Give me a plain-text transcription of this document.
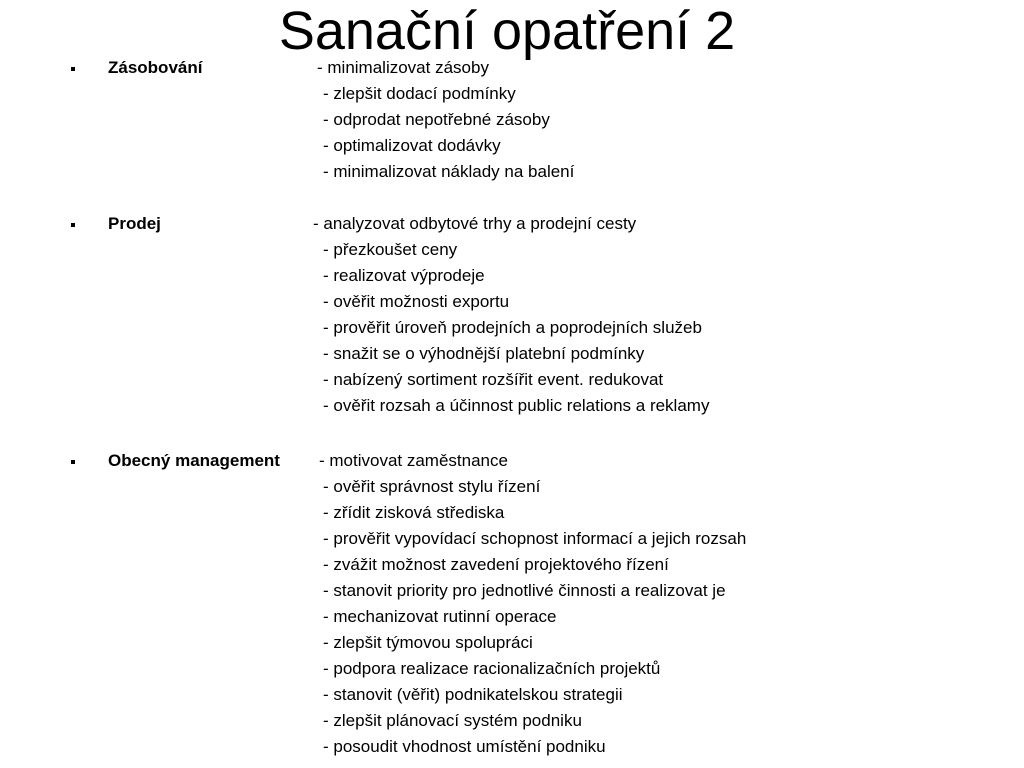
Sanační opatření 2
Zásobování	- minimalizovat zásoby
- zlepšit dodací podmínky
- odprodat nepotřebné zásoby
- optimalizovat dodávky
- minimalizovat náklady na balení
Prodej	- analyzovat odbytové trhy a prodejní cesty
- přezkoušet ceny
- realizovat výprodeje
- ověřit možnosti exportu
- prověřit úroveň prodejních a poprodejních služeb
- snažit se o výhodnější platební podmínky
- nabízený sortiment rozšířit event. redukovat
- ověřit rozsah a účinnost public relations a reklamy
Obecný management - motivovat zaměstnance
- ověřit správnost stylu řízení
- zřídit zisková střediska
- prověřit vypovídací schopnost informací a jejich rozsah
- zvážit možnost zavedení projektového řízení
- stanovit priority pro jednotlivé činnosti a realizovat je
- mechanizovat rutinní operace
- zlepšit týmovou spolupráci
- podpora realizace racionalizačních projektů
- stanovit (věřit) podnikatelskou strategii
- zlepšit plánovací systém podniku
- posoudit vhodnost umístění podniku
